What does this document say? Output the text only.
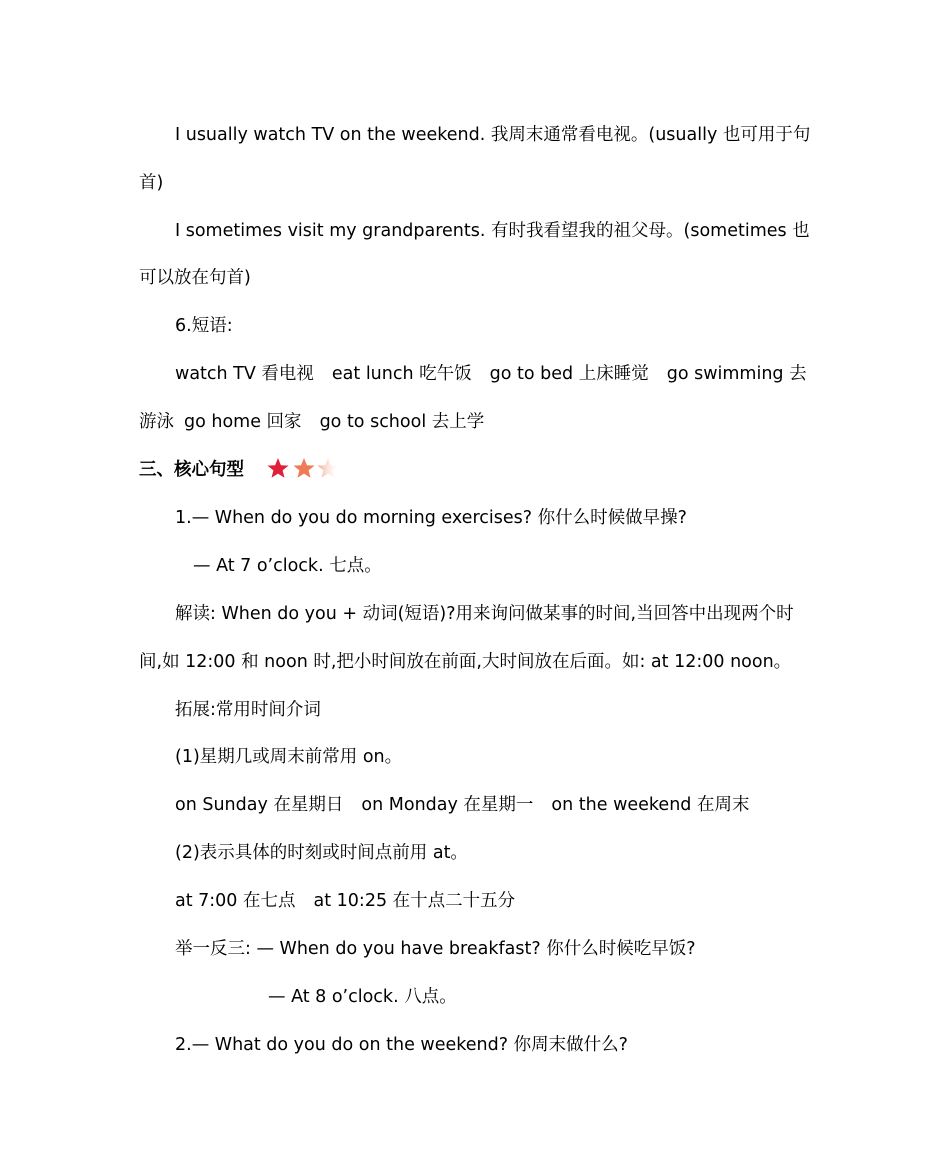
I usually watch TV on the weekend. 我周末通常看电视。(usually 也可用于句
首)
I sometimes visit my grandparents. 有时我看望我的祖父母。(sometimes 也
可以放在句首)
6.短语:
watch TV 看电视 eat lunch 吃午饭 go to bed 上床睡觉 go swimming 去
游泳 go home 回家 go to school 去上学
三、核心句型
1.— When do you do morning exercises? 你什么时候做早操?
— At 7 o’clock. 七点。
解读: When do you + 动词(短语)?用来询问做某事的时间,当回答中出现两个时
间,如 12:00 和 noon 时,把小时间放在前面,大时间放在后面。如: at 12:00 noon。
拓展:常用时间介词
(1)星期几或周末前常用 on。
on Sunday 在星期日 on Monday 在星期一 on the weekend 在周末
(2)表示具体的时刻或时间点前用 at。
at 7:00 在七点 at 10:25 在十点二十五分
举一反三: — When do you have breakfast? 你什么时候吃早饭?
— At 8 o’clock. 八点。
2.— What do you do on the weekend? 你周末做什么?
